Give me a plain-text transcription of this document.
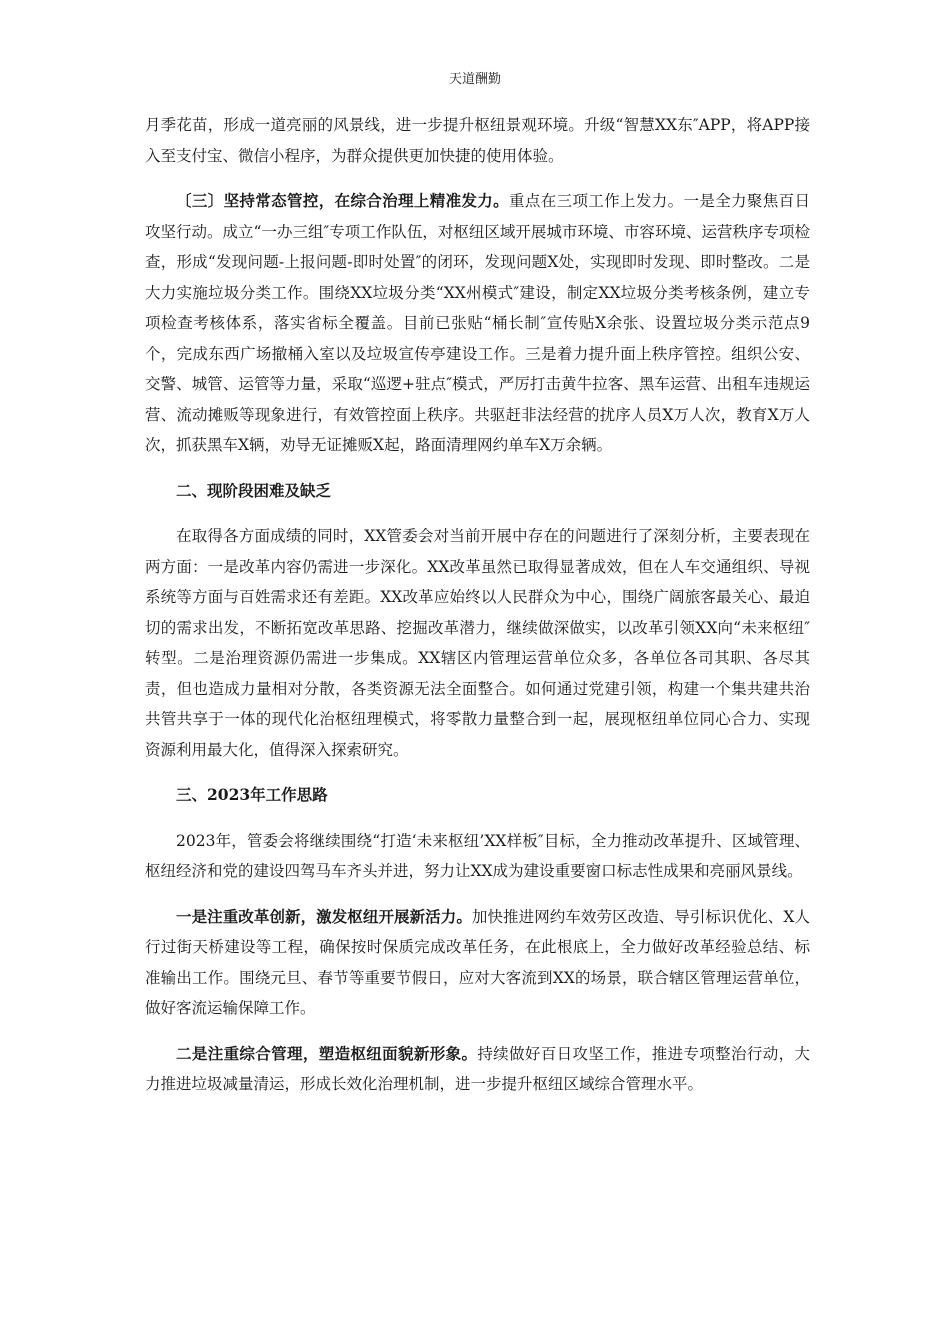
天道酬勤

月季花苗，形成一道亮丽的风景线，进一步提升枢纽景观环境。升级“智慧XX东″APP，将APP接入至支付宝、微信小程序，为群众提供更加快捷的使用体验。

〔三〕坚持常态管控，在综合治理上精准发力。重点在三项工作上发力。一是全力聚焦百日攻坚行动。成立“一办三组″专项工作队伍，对枢纽区域开展城市环境、市容环境、运营秩序专项检查，形成“发现问题-上报问题-即时处置″的闭环，发现问题X处，实现即时发现、即时整改。二是大力实施垃圾分类工作。围绕XX垃圾分类“XX州模式″建设，制定XX垃圾分类考核条例，建立专项检查考核体系，落实省标全覆盖。目前已张贴“桶长制″宣传贴X余张、设置垃圾分类示范点9个，完成东西广场撤桶入室以及垃圾宣传亭建设工作。三是着力提升面上秩序管控。组织公安、交警、城管、运管等力量，采取“巡逻+驻点″模式，严厉打击黄牛拉客、黑车运营、出租车违规运营、流动摊贩等现象进行，有效管控面上秩序。共驱赶非法经营的扰序人员X万人次，教育X万人次，抓获黑车X辆，劝导无证摊贩X起，路面清理网约单车X万余辆。

二、现阶段困难及缺乏

在取得各方面成绩的同时，XX管委会对当前开展中存在的问题进行了深刻分析，主要表现在两方面：一是改革内容仍需进一步深化。XX改革虽然已取得显著成效，但在人车交通组织、导视系统等方面与百姓需求还有差距。XX改革应始终以人民群众为中心，围绕广阔旅客最关心、最迫切的需求出发，不断拓宽改革思路、挖掘改革潜力，继续做深做实，以改革引领XX向“未来枢纽″转型。二是治理资源仍需进一步集成。XX辖区内管理运营单位众多，各单位各司其职、各尽其责，但也造成力量相对分散，各类资源无法全面整合。如何通过党建引领，构建一个集共建共治共管共享于一体的现代化治枢纽理模式，将零散力量整合到一起，展现枢纽单位同心合力、实现资源利用最大化，值得深入探索研究。

三、2023年工作思路

2023年，管委会将继续围绕“打造‘未来枢纽’XX样板″目标，全力推动改革提升、区域管理、枢纽经济和党的建设四驾马车齐头并进，努力让XX成为建设重要窗口标志性成果和亮丽风景线。

一是注重改革创新，激发枢纽开展新活力。加快推进网约车效劳区改造、导引标识优化、X人行过街天桥建设等工程，确保按时保质完成改革任务，在此根底上，全力做好改革经验总结、标准输出工作。围绕元旦、春节等重要节假日，应对大客流到XX的场景，联合辖区管理运营单位，做好客流运输保障工作。

二是注重综合管理，塑造枢纽面貌新形象。持续做好百日攻坚工作，推进专项整治行动，大力推进垃圾减量清运，形成长效化治理机制，进一步提升枢纽区域综合管理水平。
